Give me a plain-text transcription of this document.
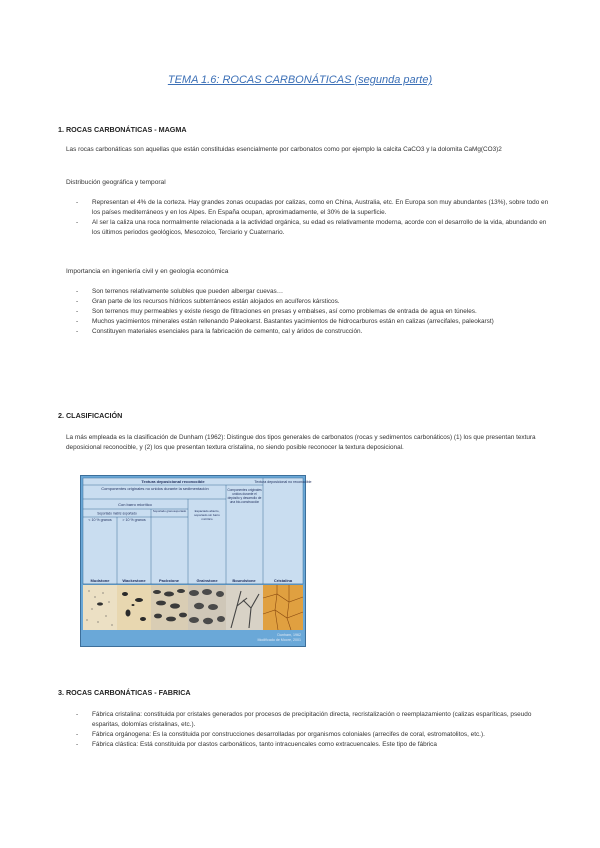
TEMA 1.6: ROCAS CARBONÁTICAS (segunda parte)
1. ROCAS CARBONÁTICAS - MAGMA
Las rocas carbonáticas son aquellas que están constituidas esencialmente por carbonatos como por ejemplo la calcita CaCO3 y la dolomita CaMg(CO3)2
Distribución geográfica y temporal
- Representan el 4% de la corteza. Hay grandes zonas ocupadas por calizas, como en China, Australia, etc. En Europa son muy abundantes (13%), sobre todo en los países mediterráneos y en los Alpes. En España ocupan, aproximadamente, el 30% de la superficie.
- Al ser la caliza una roca normalmente relacionada a la actividad orgánica, su edad es relativamente moderna, acorde con el desarrollo de la vida, abundando en los últimos periodos geológicos, Mesozoico, Terciario y Cuaternario.
Importancia en ingeniería civil y en geología económica
- Son terrenos relativamente solubles que pueden albergar cuevas…
- Gran parte de los recursos hídricos subterráneos están alojados en acuíferos kársticos.
- Son terrenos muy permeables y existe riesgo de filtraciones en presas y embalses, así como problemas de entrada de agua en túneles.
- Muchos yacimientos minerales están rellenando Paleokarst. Bastantes yacimientos de hidrocarburos están en calizas (arrecifales, paleokarst)
- Constituyen materiales esenciales para la fabricación de cemento, cal y áridos de construcción.
2. CLASIFICACIÓN
La más empleada es la clasificación de Dunham (1962): Distingue dos tipos generales de carbonatos (rocas y sedimentos carbonáticos) (1) los que presentan textura deposicional reconocible, y (2) los que presentan textura cristalina, no siendo posible reconocer la textura deposicional.
Textura deposicional reconocible	Textura deposicional no reconocible
Componentes originales no unidos durante la sedimentación	Componentes originales unidos durante el depósito y desarrollo de una bio-construcción
Con barro micrítico
Espaciado abierto, soportado sin barro micrítico
Soportado matriz-soportado
Soportado granosoportado
< 10 % granos	> 10 % granos
Mudstone	Wackestone	Packstone	Grainstone	Boundstone	Cristalina
Dunham, 1962
Modificado de Moore, 2001
3. ROCAS CARBONÁTICAS - FABRICA
- Fábrica cristalina: constituida por cristales generados por procesos de precipitación directa, recristalización o reemplazamiento (calizas esparíticas, pseudo esparitas, dolomías cristalinas, etc.).
- Fábrica orgánogena: Es la constituida por construcciones desarrolladas por organismos coloniales (arrecifes de coral, estromatolitos, etc.).
- Fábrica clástica: Está constituida por clastos carbonáticos, tanto intracuencales como extracuencales. Este tipo de fábrica
